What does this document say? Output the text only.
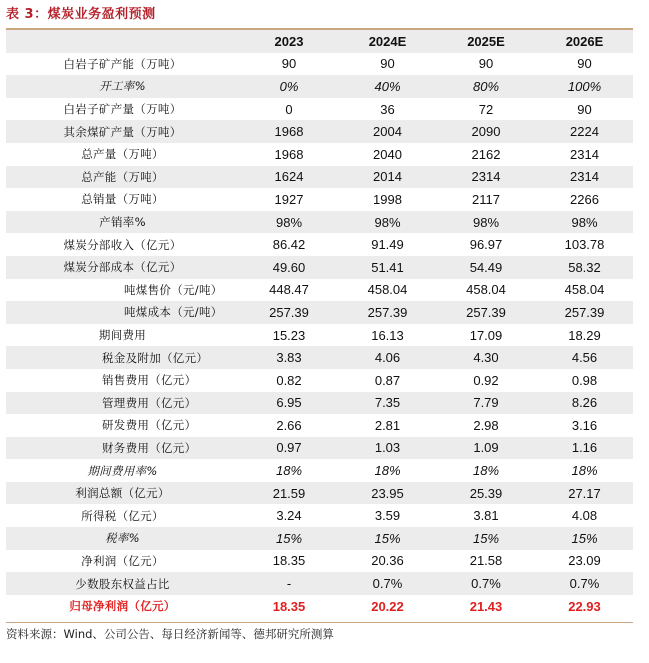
表 3：煤炭业务盈利预测
	2023	2024E	2025E	2026E
白岩子矿产能（万吨）	90	90	90	90
开工率%	0%	40%	80%	100%
白岩子矿产量（万吨）	0	36	72	90
其余煤矿产量（万吨）	1968	2004	2090	2224
总产量（万吨）	1968	2040	2162	2314
总产能（万吨）	1624	2014	2314	2314
总销量（万吨）	1927	1998	2117	2266
产销率%	98%	98%	98%	98%
煤炭分部收入（亿元）	86.42	91.49	96.97	103.78
煤炭分部成本（亿元）	49.60	51.41	54.49	58.32
吨煤售价（元/吨）	448.47	458.04	458.04	458.04
吨煤成本（元/吨）	257.39	257.39	257.39	257.39
期间费用	15.23	16.13	17.09	18.29
税金及附加（亿元）	3.83	4.06	4.30	4.56
销售费用（亿元）	0.82	0.87	0.92	0.98
管理费用（亿元）	6.95	7.35	7.79	8.26
研发费用（亿元）	2.66	2.81	2.98	3.16
财务费用（亿元）	0.97	1.03	1.09	1.16
期间费用率%	18%	18%	18%	18%
利润总额（亿元）	21.59	23.95	25.39	27.17
所得税（亿元）	3.24	3.59	3.81	4.08
税率%	15%	15%	15%	15%
净利润（亿元）	18.35	20.36	21.58	23.09
少数股东权益占比	-	0.7%	0.7%	0.7%
归母净利润（亿元）	18.35	20.22	21.43	22.93
资料来源：Wind、公司公告、每日经济新闻等、德邦研究所测算
